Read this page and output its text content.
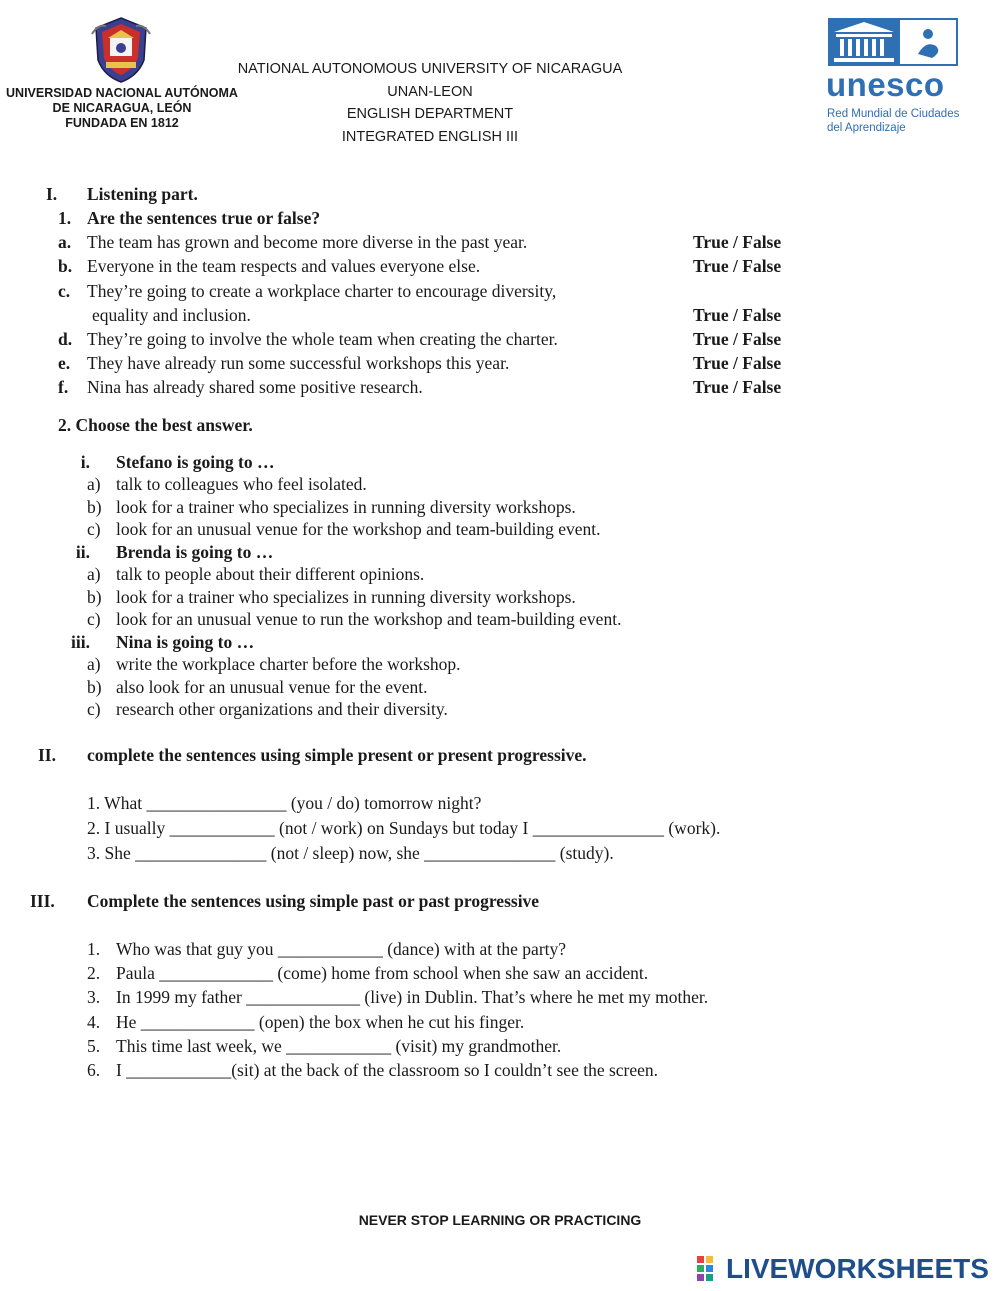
UNIVERSIDAD NACIONAL AUTÓNOMA
DE NICARAGUA, LEÓN
FUNDADA EN 1812
NATIONAL AUTONOMOUS UNIVERSITY OF NICARAGUA
UNAN-LEON
ENGLISH DEPARTMENT
INTEGRATED ENGLISH III
unesco
Red Mundial de Ciudades
del Aprendizaje
I. Listening part.
1. Are the sentences true or false?
a. The team has grown and become more diverse in the past year.	True / False
b. Everyone in the team respects and values everyone else.	True / False
c. They’re going to create a workplace charter to encourage diversity,
equality and inclusion.	True / False
d. They’re going to involve the whole team when creating the charter.	True / False
e. They have already run some successful workshops this year.	True / False
f. Nina has already shared some positive research.	True / False
2. Choose the best answer.
i. Stefano is going to …
a) talk to colleagues who feel isolated.
b) look for a trainer who specializes in running diversity workshops.
c) look for an unusual venue for the workshop and team-building event.
ii. Brenda is going to …
a) talk to people about their different opinions.
b) look for a trainer who specializes in running diversity workshops.
c) look for an unusual venue to run the workshop and team-building event.
iii. Nina is going to …
a) write the workplace charter before the workshop.
b) also look for an unusual venue for the event.
c) research other organizations and their diversity.
II. complete the sentences using simple present or present progressive.
1. What ________________ (you / do) tomorrow night?
2. I usually ____________ (not / work) on Sundays but today I _______________ (work).
3. She _______________ (not / sleep) now, she _______________ (study).
III. Complete the sentences using simple past or past progressive
1. Who was that guy you ____________ (dance) with at the party?
2. Paula _____________ (come) home from school when she saw an accident.
3. In 1999 my father _____________ (live) in Dublin. That’s where he met my mother.
4. He _____________ (open) the box when he cut his finger.
5. This time last week, we ____________ (visit) my grandmother.
6. I ____________(sit) at the back of the classroom so I couldn’t see the screen.
NEVER STOP LEARNING OR PRACTICING
LIVEWORKSHEETS
